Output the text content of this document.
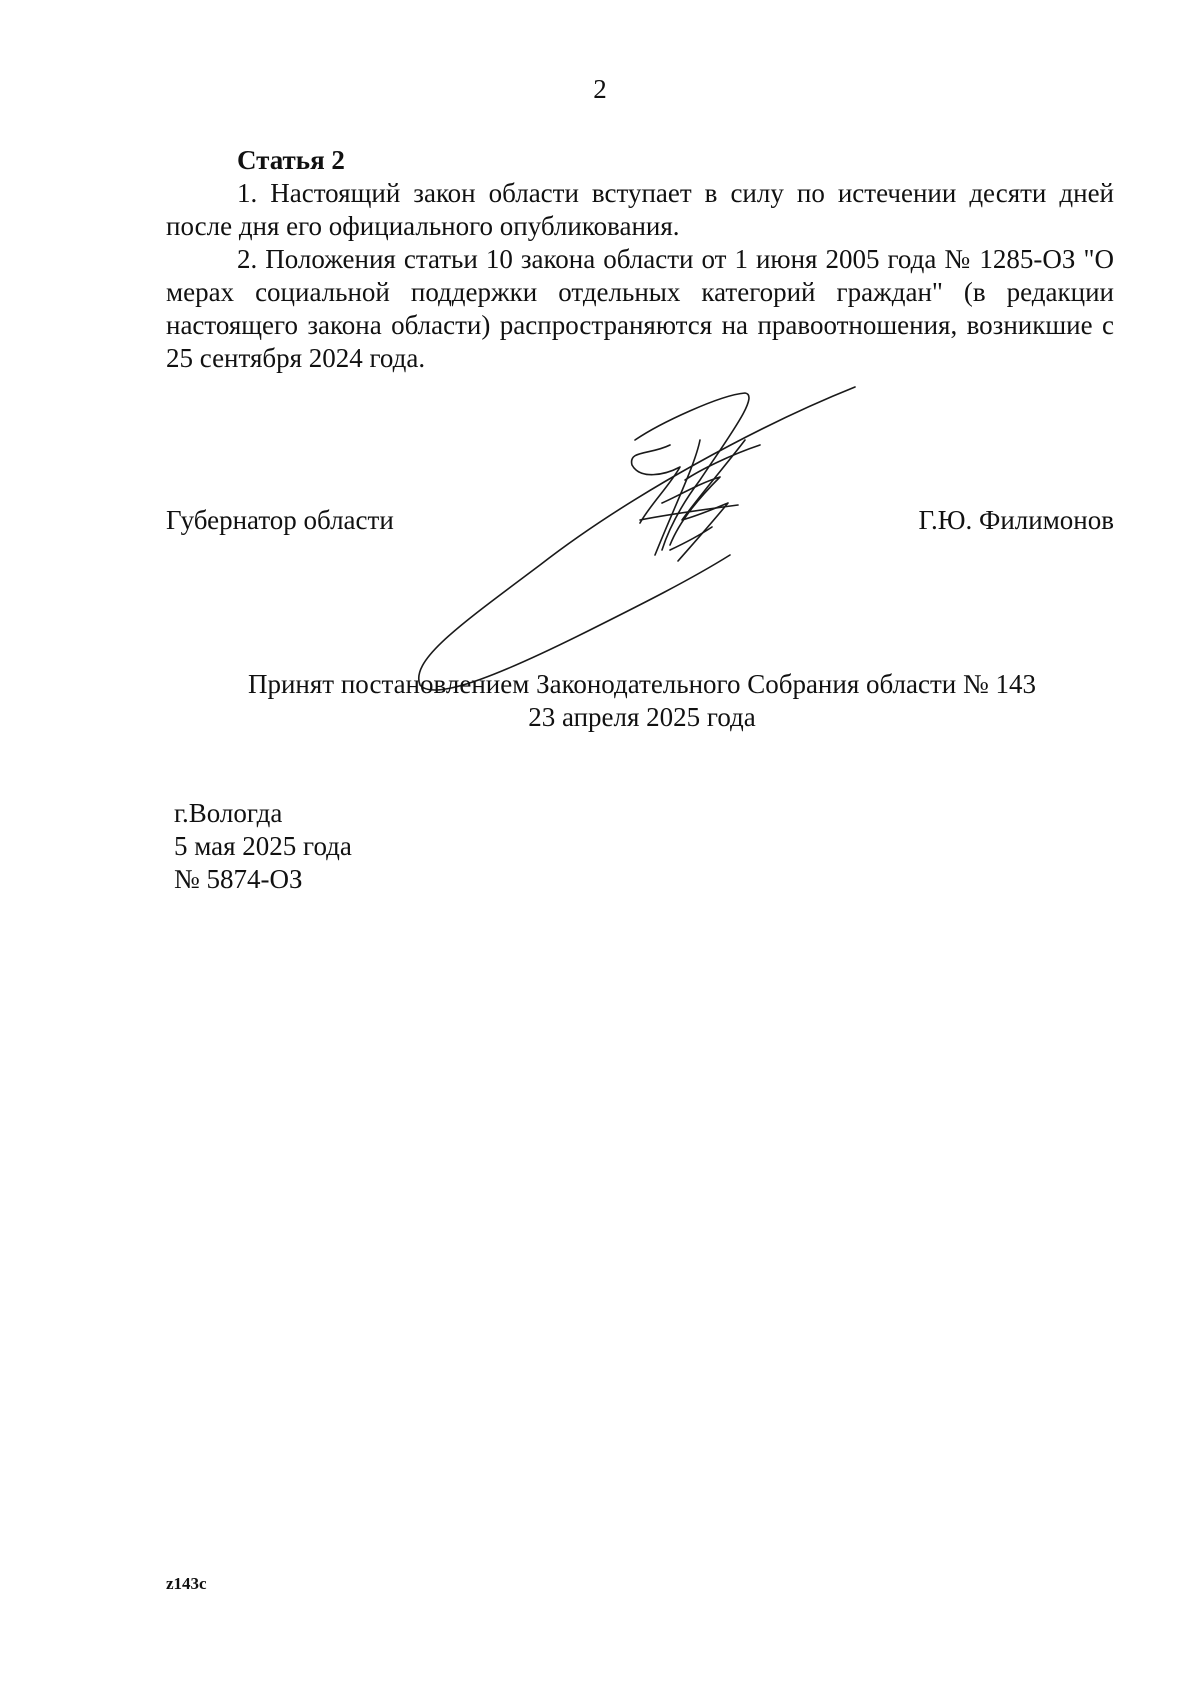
2

Статья 2

1. Настоящий закон области вступает в силу по истечении десяти дней после дня его официального опубликования.

2. Положения статьи 10 закона области от 1 июня 2005 года № 1285-ОЗ "О мерах социальной поддержки отдельных категорий граждан" (в редакции настоящего закона области) распространяются на правоотношения, возникшие с 25 сентября 2024 года.

Губернатор области	Г.Ю. Филимонов
Принят постановлением Законодательного Собрания области № 143
23 апреля 2025 года
г.Вологда
5 мая 2025 года
№ 5874-ОЗ
z143c
